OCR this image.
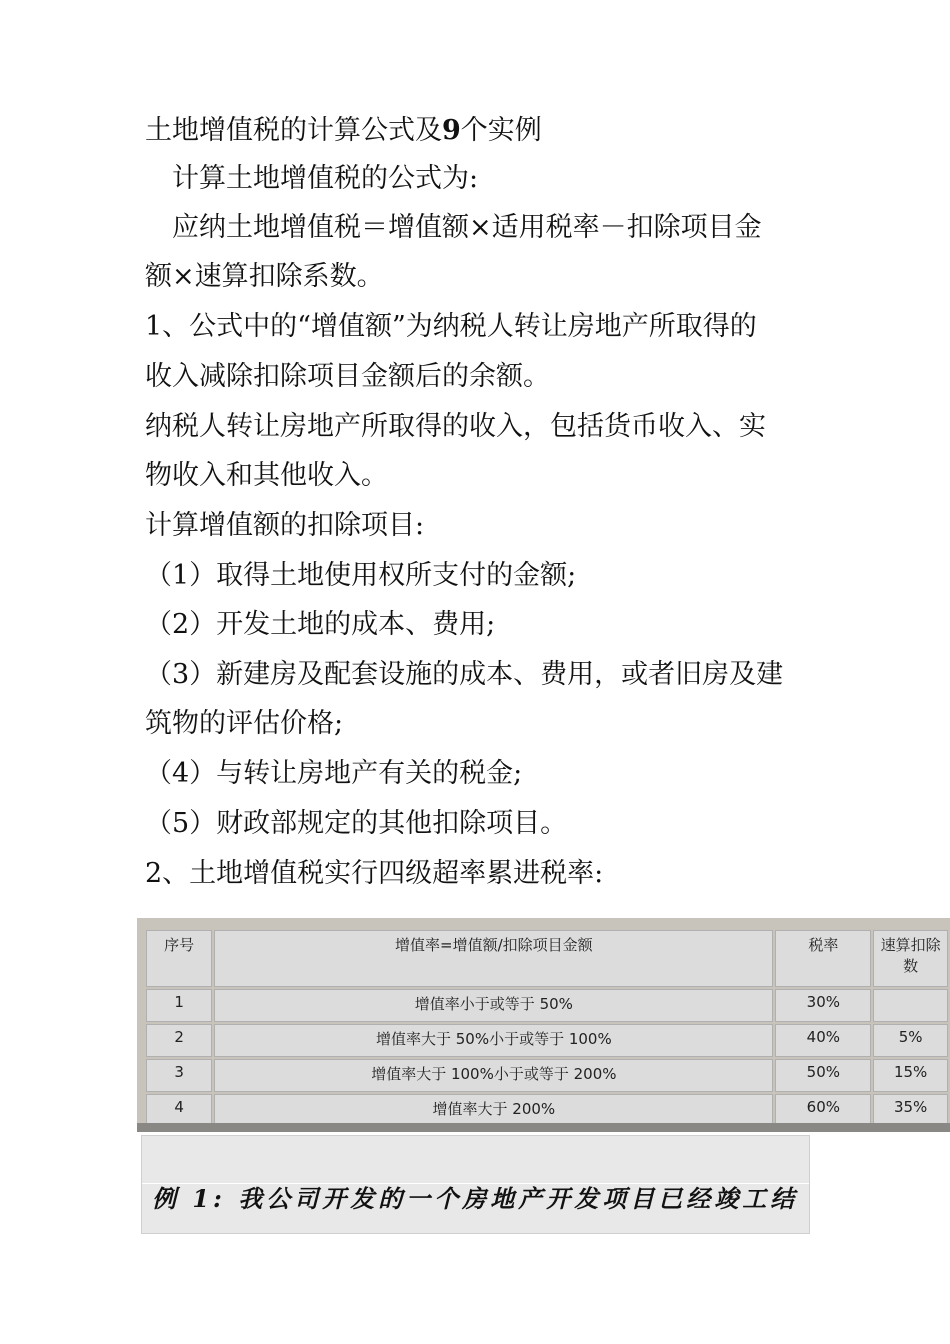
土地增值税的计算公式及9个实例
　计算土地增值税的公式为:
　应纳土地增值税＝增值额×适用税率－扣除项目金
额×速算扣除系数。
1、公式中的“增值额”为纳税人转让房地产所取得的
收入减除扣除项目金额后的余额。
纳税人转让房地产所取得的收入，包括货币收入、实
物收入和其他收入。
计算增值额的扣除项目:
（1）取得土地使用权所支付的金额;
（2）开发土地的成本、费用;
（3）新建房及配套设施的成本、费用，或者旧房及建
筑物的评估价格;
（4）与转让房地产有关的税金;
（5）财政部规定的其他扣除项目。
2、土地增值税实行四级超率累进税率:
序号	增值率=增值额/扣除项目金额	税率	速算扣除数
1	增值率小于或等于 50%	30%	
2	增值率大于 50%小于或等于 100%	40%	5%
3	增值率大于 100%小于或等于 200%	50%	15%
4	增值率大于 200%	60%	35%
例 1: 我公司开发的一个房地产开发项目已经竣工结
